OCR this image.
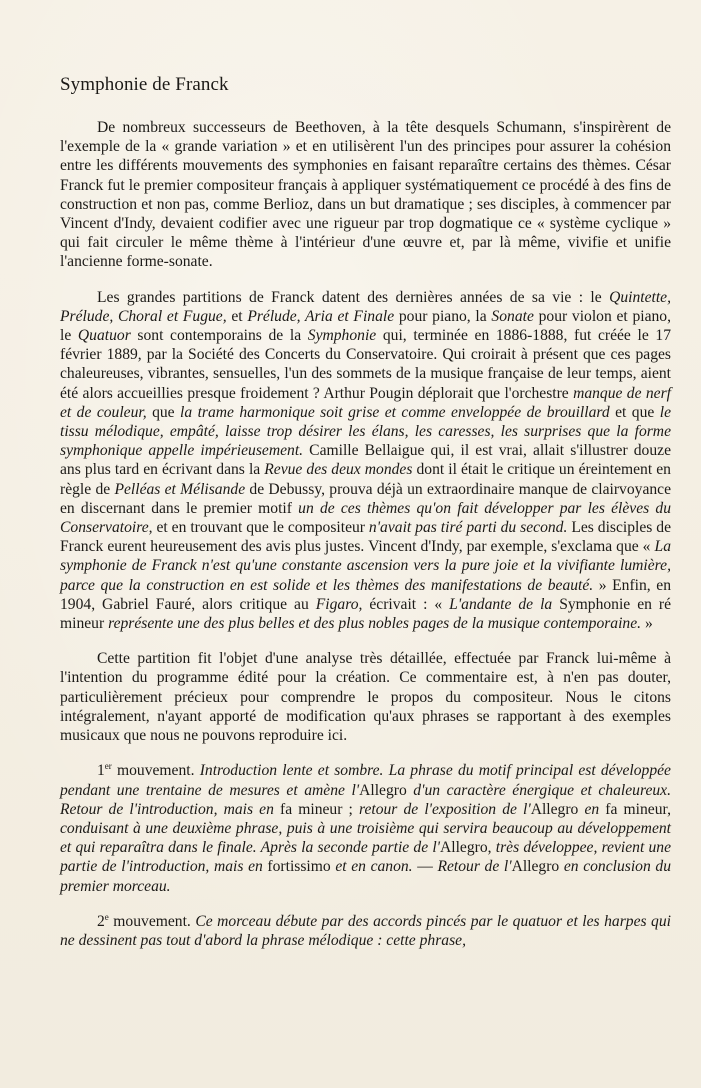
Symphonie de Franck

De nombreux successeurs de Beethoven, à la tête desquels Schumann, s'inspirèrent de l'exemple de la « grande variation » et en utilisèrent l'un des principes pour assurer la cohésion entre les différents mouvements des symphonies en faisant reparaître certains des thèmes. César Franck fut le premier compositeur français à appliquer systématiquement ce procédé à des fins de construction et non pas, comme Berlioz, dans un but dramatique ; ses disciples, à commencer par Vincent d'Indy, devaient codifier avec une rigueur par trop dogmatique ce « système cyclique » qui fait circuler le même thème à l'intérieur d'une œuvre et, par là même, vivifie et unifie l'ancienne forme-sonate.

Les grandes partitions de Franck datent des dernières années de sa vie : le Quintette, Prélude, Choral et Fugue, et Prélude, Aria et Finale pour piano, la Sonate pour violon et piano, le Quatuor sont contemporains de la Symphonie qui, terminée en 1886-1888, fut créée le 17 février 1889, par la Société des Concerts du Conservatoire. Qui croirait à présent que ces pages chaleureuses, vibrantes, sensuelles, l'un des sommets de la musique française de leur temps, aient été alors accueillies presque froidement ? Arthur Pougin déplorait que l'orchestre manque de nerf et de couleur, que la trame harmonique soit grise et comme enveloppée de brouillard et que le tissu mélodique, empâté, laisse trop désirer les élans, les caresses, les surprises que la forme symphonique appelle impérieusement. Camille Bellaigue qui, il est vrai, allait s'illustrer douze ans plus tard en écrivant dans la Revue des deux mondes dont il était le critique un éreintement en règle de Pelléas et Mélisande de Debussy, prouva déjà un extraordinaire manque de clairvoyance en discernant dans le premier motif un de ces thèmes qu'on fait développer par les élèves du Conservatoire, et en trouvant que le compositeur n'avait pas tiré parti du second. Les disciples de Franck eurent heureusement des avis plus justes. Vincent d'Indy, par exemple, s'exclama que « La symphonie de Franck n'est qu'une constante ascension vers la pure joie et la vivifiante lumière, parce que la construction en est solide et les thèmes des manifestations de beauté. » Enfin, en 1904, Gabriel Fauré, alors critique au Figaro, écrivait : « L'andante de la Symphonie en ré mineur représente une des plus belles et des plus nobles pages de la musique contemporaine. »

Cette partition fit l'objet d'une analyse très détaillée, effectuée par Franck lui-même à l'intention du programme édité pour la création. Ce commentaire est, à n'en pas douter, particulièrement précieux pour comprendre le propos du compositeur. Nous le citons intégralement, n'ayant apporté de modification qu'aux phrases se rapportant à des exemples musicaux que nous ne pouvons reproduire ici.

1er mouvement. Introduction lente et sombre. La phrase du motif principal est développée pendant une trentaine de mesures et amène l'Allegro d'un caractère énergique et chaleureux. Retour de l'introduction, mais en fa mineur ; retour de l'exposition de l'Allegro en fa mineur, conduisant à une deuxième phrase, puis à une troisième qui servira beaucoup au développement et qui reparaîtra dans le finale. Après la seconde partie de l'Allegro, très développee, revient une partie de l'introduction, mais en fortissimo et en canon. — Retour de l'Allegro en conclusion du premier morceau.

2e mouvement. Ce morceau débute par des accords pincés par le quatuor et les harpes qui ne dessinent pas tout d'abord la phrase mélodique : cette phrase,
